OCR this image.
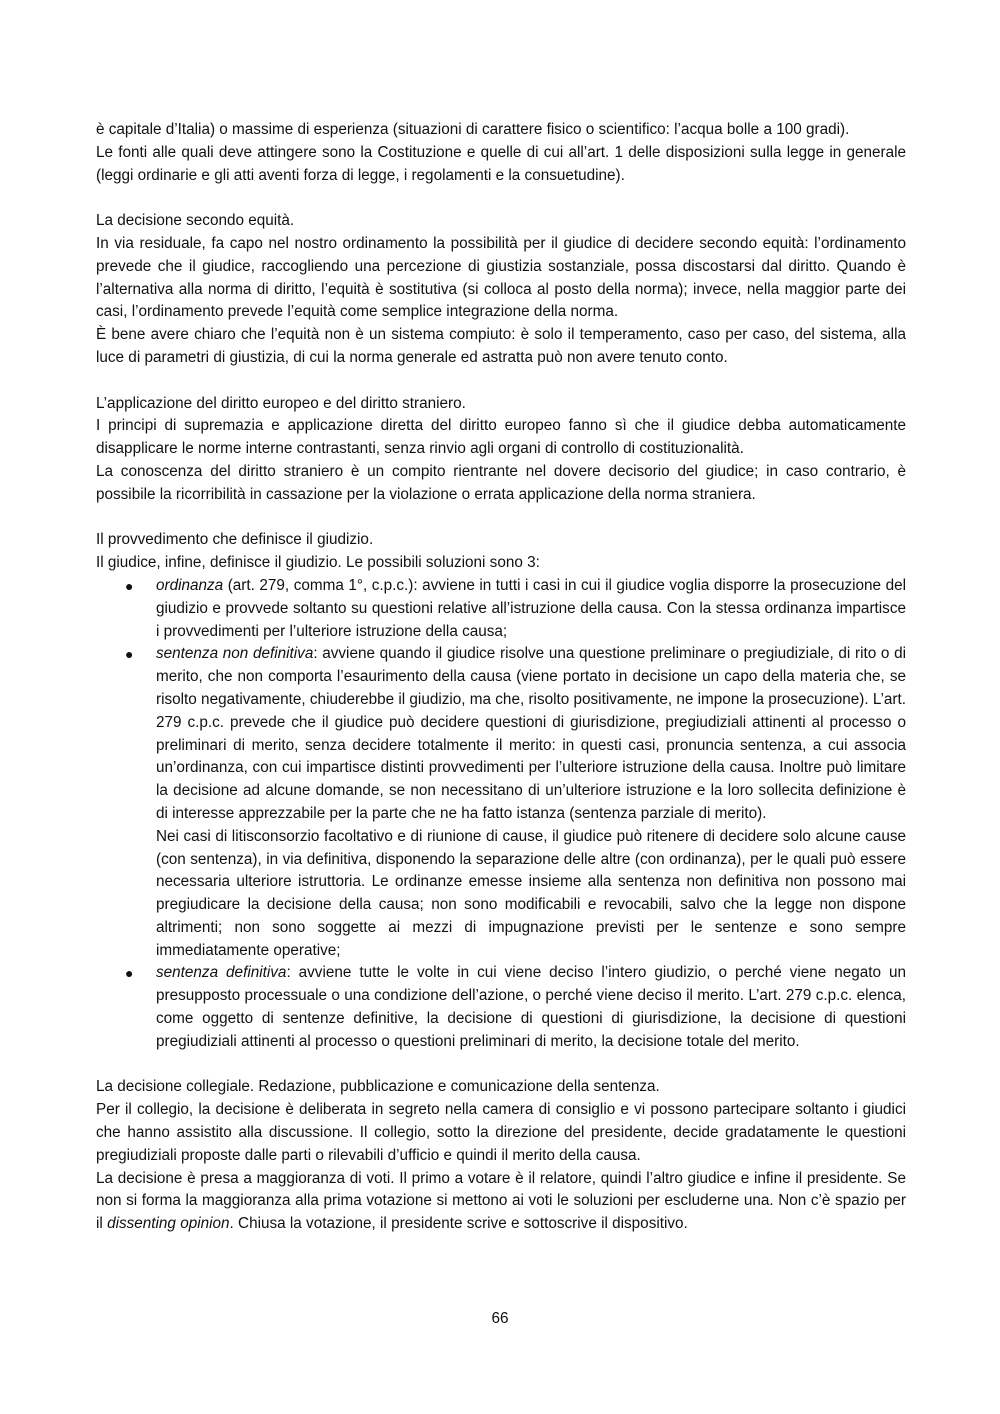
è capitale d’Italia) o massime di esperienza (situazioni di carattere fisico o scientifico: l’acqua bolle a 100 gradi).

Le fonti alle quali deve attingere sono la Costituzione e quelle di cui all’art. 1 delle disposizioni sulla legge in generale (leggi ordinarie e gli atti aventi forza di legge, i regolamenti e la consuetudine).

La decisione secondo equità.

In via residuale, fa capo nel nostro ordinamento la possibilità per il giudice di decidere secondo equità: l’ordinamento prevede che il giudice, raccogliendo una percezione di giustizia sostanziale, possa discostarsi dal diritto. Quando è l’alternativa alla norma di diritto, l’equità è sostitutiva (si colloca al posto della norma); invece, nella maggior parte dei casi, l’ordinamento prevede l’equità come semplice integrazione della norma.

È bene avere chiaro che l’equità non è un sistema compiuto: è solo il temperamento, caso per caso, del sistema, alla luce di parametri di giustizia, di cui la norma generale ed astratta può non avere tenuto conto.

L’applicazione del diritto europeo e del diritto straniero.

I principi di supremazia e applicazione diretta del diritto europeo fanno sì che il giudice debba automaticamente disapplicare le norme interne contrastanti, senza rinvio agli organi di controllo di costituzionalità.

La conoscenza del diritto straniero è un compito rientrante nel dovere decisorio del giudice; in caso contrario, è possibile la ricorribilità in cassazione per la violazione o errata applicazione della norma straniera.

Il provvedimento che definisce il giudizio.

Il giudice, infine, definisce il giudizio. Le possibili soluzioni sono 3:

● ordinanza (art. 279, comma 1°, c.p.c.): avviene in tutti i casi in cui il giudice voglia disporre la prosecuzione del giudizio e provvede soltanto su questioni relative all’istruzione della causa. Con la stessa ordinanza impartisce i provvedimenti per l’ulteriore istruzione della causa;

● sentenza non definitiva: avviene quando il giudice risolve una questione preliminare o pregiudiziale, di rito o di merito, che non comporta l’esaurimento della causa (viene portato in decisione un capo della materia che, se risolto negativamente, chiuderebbe il giudizio, ma che, risolto positivamente, ne impone la prosecuzione). L’art. 279 c.p.c. prevede che il giudice può decidere questioni di giurisdizione, pregiudiziali attinenti al processo o preliminari di merito, senza decidere totalmente il merito: in questi casi, pronuncia sentenza, a cui associa un’ordinanza, con cui impartisce distinti provvedimenti per l’ulteriore istruzione della causa. Inoltre può limitare la decisione ad alcune domande, se non necessitano di un’ulteriore istruzione e la loro sollecita definizione è di interesse apprezzabile per la parte che ne ha fatto istanza (sentenza parziale di merito).

Nei casi di litisconsorzio facoltativo e di riunione di cause, il giudice può ritenere di decidere solo alcune cause (con sentenza), in via definitiva, disponendo la separazione delle altre (con ordinanza), per le quali può essere necessaria ulteriore istruttoria. Le ordinanze emesse insieme alla sentenza non definitiva non possono mai pregiudicare la decisione della causa; non sono modificabili e revocabili, salvo che la legge non dispone altrimenti; non sono soggette ai mezzi di impugnazione previsti per le sentenze e sono sempre immediatamente operative;

● sentenza definitiva: avviene tutte le volte in cui viene deciso l’intero giudizio, o perché viene negato un presupposto processuale o una condizione dell’azione, o perché viene deciso il merito. L’art. 279 c.p.c. elenca, come oggetto di sentenze definitive, la decisione di questioni di giurisdizione, la decisione di questioni pregiudiziali attinenti al processo o questioni preliminari di merito, la decisione totale del merito.

La decisione collegiale. Redazione, pubblicazione e comunicazione della sentenza.

Per il collegio, la decisione è deliberata in segreto nella camera di consiglio e vi possono partecipare soltanto i giudici che hanno assistito alla discussione. Il collegio, sotto la direzione del presidente, decide gradatamente le questioni pregiudiziali proposte dalle parti o rilevabili d’ufficio e quindi il merito della causa.

La decisione è presa a maggioranza di voti. Il primo a votare è il relatore, quindi l’altro giudice e infine il presidente. Se non si forma la maggioranza alla prima votazione si mettono ai voti le soluzioni per escluderne una. Non c’è spazio per il dissenting opinion. Chiusa la votazione, il presidente scrive e sottoscrive il dispositivo.

66
